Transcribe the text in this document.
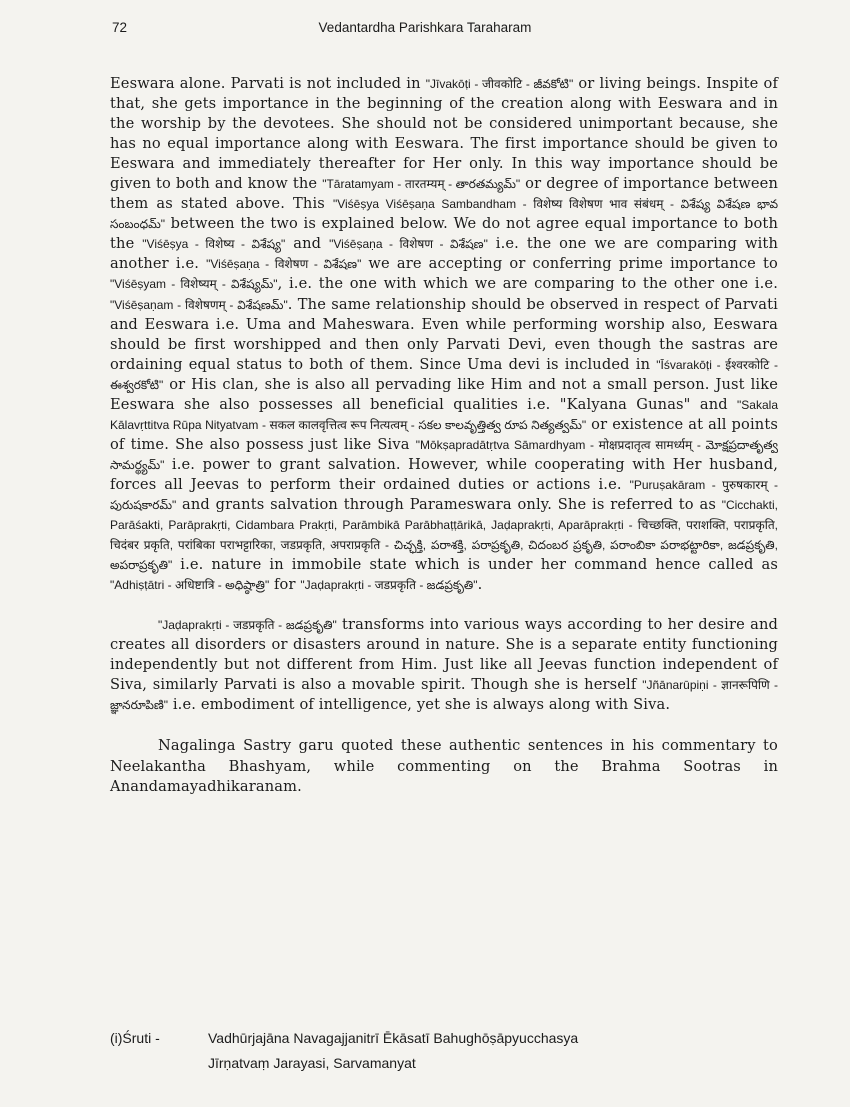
72	Vedantardha Parishkara Taraharam

Eeswara alone. Parvati is not included in "Jīvakōṭi - जीवकोटि - జీవకోటి" or living beings. Inspite of that, she gets importance in the beginning of the creation along with Eeswara and in the worship by the devotees. She should not be considered unimportant because, she has no equal importance along with Eeswara. The first importance should be given to Eeswara and immediately thereafter for Her only. In this way importance should be given to both and know the "Tāratamyam - तारतम्यम् - తారతమ్యమ్" or degree of importance between them as stated above. This "Viśēṣya Viśēṣaṇa Sambandham - विशेष्य विशेषण भाव संबंधम् - విశేష్య విశేషణ భావ సంబంధమ్" between the two is explained below. We do not agree equal importance to both the "Viśēṣya - विशेष्य - విశేష్య" and "Viśēṣaṇa - विशेषण - విశేషణ" i.e. the one we are comparing with another i.e. "Viśēṣaṇa - विशेषण - విశేషణ" we are accepting or conferring prime importance to "Viśēṣyam - विशेष्यम् - విశేష్యమ్", i.e. the one with which we are comparing to the other one i.e. "Viśēṣaṇam - विशेषणम् - విశేషణమ్". The same relationship should be observed in respect of Parvati and Eeswara i.e. Uma and Maheswara. Even while performing worship also, Eeswara should be first worshipped and then only Parvati Devi, even though the sastras are ordaining equal status to both of them. Since Uma devi is included in "Īśvarakōṭi - ईश्वरकोटि - ఈశ్వరకోటి" or His clan, she is also all pervading like Him and not a small person. Just like Eeswara she also possesses all beneficial qualities i.e. "Kalyana Gunas" and "Sakala Kālavṛttitva Rūpa Nityatvam - सकल कालवृत्तित्व रूप नित्यत्वम् - సకల కాలవృత్తిత్వ రూప నిత్యత్వమ్" or existence at all points of time. She also possess just like Siva "Mōkṣapradātṛtva Sāmardhyam - मोक्षप्रदातृत्व सामर्ध्यम् - మోక్షప్రదాతృత్వ సామర్థ్యమ్" i.e. power to grant salvation. However, while cooperating with Her husband, forces all Jeevas to perform their ordained duties or actions i.e. "Puruṣakāram - पुरुषकारम् - పురుషకారమ్" and grants salvation through Parameswara only. She is referred to as "Cicchakti, Parāśakti, Parāprakṛti, Cidambara Prakṛti, Parāmbikā Parābhaṭṭārikā, Jaḍaprakṛti, Aparāprakṛti - चिच्छक्ति, पराशक्ति, पराप्रकृति, चिदंबर प्रकृति, परांबिका पराभट्टारिका, जडप्रकृति, अपराप्रकृति - చిచ్ఛక్తి, పరాశక్తి, పరాప్రకృతి, చిదంబర ప్రకృతి, పరాంబికా పరాభట్టారికా, జడప్రకృతి, అపరాప్రకృతి" i.e. nature in immobile state which is under her command hence called as "Adhiṣṭātri - अधिष्टात्रि - అధిష్ఠాత్రి" for "Jaḍaprakṛti - जडप्रकृति - జడప్రకృతి".

"Jaḍaprakṛti - जडप्रकृति - జడప్రకృతి" transforms into various ways according to her desire and creates all disorders or disasters around in nature. She is a separate entity functioning independently but not different from Him. Just like all Jeevas function independent of Siva, similarly Parvati is also a movable spirit. Though she is herself "Jñānarūpiṇi - ज्ञानरूपिणि - జ్ఞానరూపిణి" i.e. embodiment of intelligence, yet she is always along with Siva.

Nagalinga Sastry garu quoted these authentic sentences in his commentary to Neelakantha Bhashyam, while commenting on the Brahma Sootras in Anandamayadhikaranam.

(i)Śruti -	Vadhūrjajāna Navagajjanitrī Ēkāsatī Bahughōṣāpyucchasya
Jīrṇatvaṃ Jarayasi, Sarvamanyat
